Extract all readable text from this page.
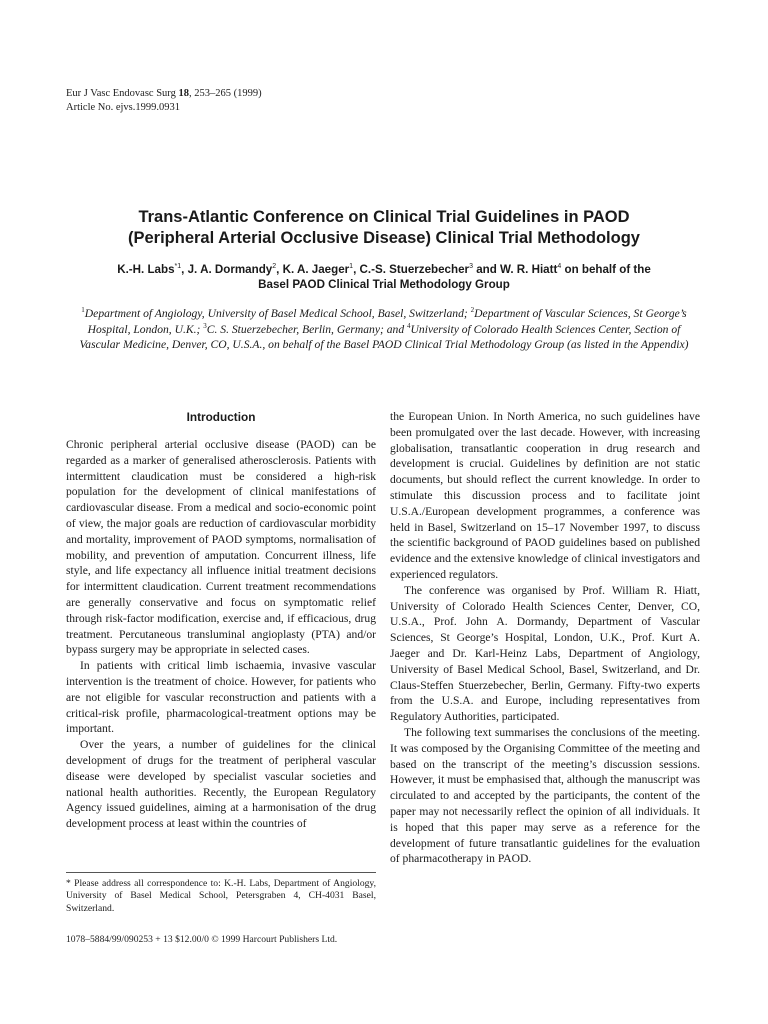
Eur J Vasc Endovasc Surg 18, 253–265 (1999)
Article No. ejvs.1999.0931
Trans-Atlantic Conference on Clinical Trial Guidelines in PAOD
(Peripheral Arterial Occlusive Disease) Clinical Trial Methodology
K.-H. Labs$^{*1}$, J. A. Dormandy$^2$, K. A. Jaeger$^1$, C.-S. Stuerzebecher$^3$ and W. R. Hiatt$^4$ on behalf of the
Basel PAOD Clinical Trial Methodology Group
$^1$Department of Angiology, University of Basel Medical School, Basel, Switzerland; $^2$Department of Vascular Sciences, St George’s Hospital, London, U.K.; $^3$C. S. Stuerzebecher, Berlin, Germany; and $^4$University of Colorado Health Sciences Center, Section of Vascular Medicine, Denver, CO, U.S.A., on behalf of the Basel PAOD Clinical Trial Methodology Group (as listed in the Appendix)

Introduction

Chronic peripheral arterial occlusive disease (PAOD) can be regarded as a marker of generalised atherosclerosis. Patients with intermittent claudication must be considered a high-risk population for the development of clinical manifestations of cardiovascular disease. From a medical and socio-economic point of view, the major goals are reduction of cardiovascular morbidity and mortality, improvement of PAOD symptoms, normalisation of mobility, and prevention of amputation. Concurrent illness, life style, and life expectancy all influence initial treatment decisions for intermittent claudication. Current treatment recommendations are generally conservative and focus on symptomatic relief through risk-factor modification, exercise and, if efficacious, drug treatment. Percutaneous transluminal angioplasty (PTA) and/or bypass surgery may be appropriate in selected cases.

In patients with critical limb ischaemia, invasive vascular intervention is the treatment of choice. However, for patients who are not eligible for vascular reconstruction and patients with a critical-risk profile, pharmacological-treatment options may be important.

Over the years, a number of guidelines for the clinical development of drugs for the treatment of peripheral vascular disease were developed by specialist vascular societies and national health authorities. Recently, the European Regulatory Agency issued guidelines, aiming at a harmonisation of the drug development process at least within the countries of

the European Union. In North America, no such guidelines have been promulgated over the last decade. However, with increasing globalisation, transatlantic cooperation in drug research and development is crucial. Guidelines by definition are not static documents, but should reflect the current knowledge. In order to stimulate this discussion process and to facilitate joint U.S.A./European development programmes, a conference was held in Basel, Switzerland on 15–17 November 1997, to discuss the scientific background of PAOD guidelines based on published evidence and the extensive knowledge of clinical investigators and experienced regulators.

The conference was organised by Prof. William R. Hiatt, University of Colorado Health Sciences Center, Denver, CO, U.S.A., Prof. John A. Dormandy, Department of Vascular Sciences, St George’s Hospital, London, U.K., Prof. Kurt A. Jaeger and Dr. Karl-Heinz Labs, Department of Angiology, University of Basel Medical School, Basel, Switzerland, and Dr. Claus-Steffen Stuerzebecher, Berlin, Germany. Fifty-two experts from the U.S.A. and Europe, including representatives from Regulatory Authorities, participated.

The following text summarises the conclusions of the meeting. It was composed by the Organising Committee of the meeting and based on the transcript of the meeting’s discussion sessions. However, it must be emphasised that, although the manuscript was circulated to and accepted by the participants, the content of the paper may not necessarily reflect the opinion of all individuals. It is hoped that this paper may serve as a reference for the development of future transatlantic guidelines for the evaluation of pharmacotherapy in PAOD.

* Please address all correspondence to: K.-H. Labs, Department of Angiology, University of Basel Medical School, Petersgraben 4, CH-4031 Basel, Switzerland.
1078–5884/99/090253 + 13 $12.00/0 © 1999 Harcourt Publishers Ltd.
